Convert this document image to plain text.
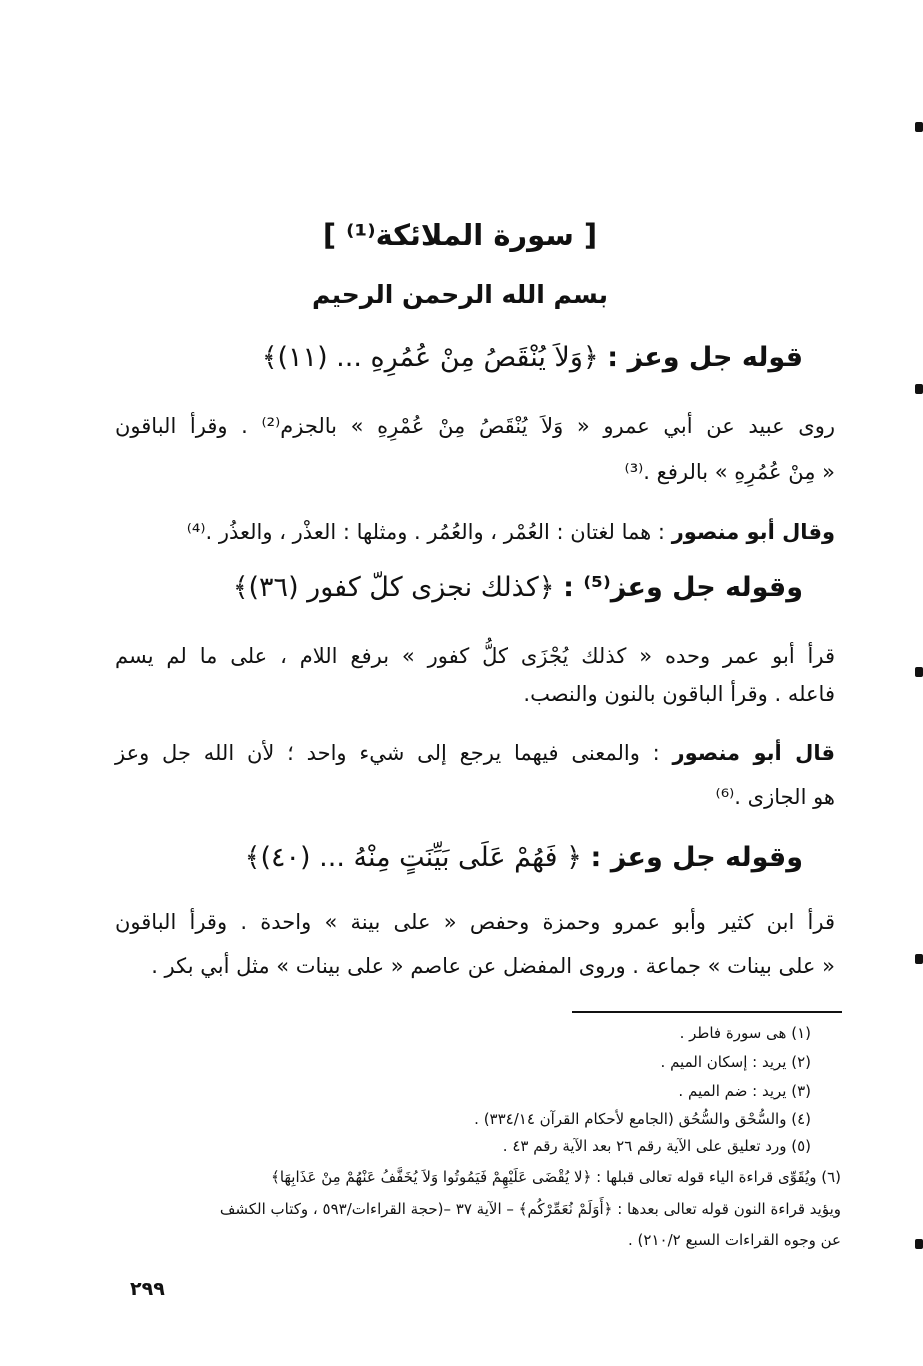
[ سورة الملائكة⁽¹⁾ ]
بسم الله الرحمن الرحيم
قوله جل وعز : ﴿وَلاَ يُنْقَصُ مِنْ عُمُرِهِ ... (١١)﴾
روى عبيد عن أبي عمرو « وَلاَ يُنْقَصُ مِنْ عُمْرِهِ » بالجزم⁽²⁾ . وقرأ الباقون
« مِنْ عُمُرِهِ » بالرفع .⁽³⁾
وقال أبو منصور : هما لغتان : العُمْر ، والعُمُر . ومثلها : العذْر ، والعذُر .⁽⁴⁾
وقوله جل وعز⁽⁵⁾ : ﴿كذلك نجزى كلّ كفور (٣٦)﴾
قرأ أبو عمر وحده « كذلك يُجْزَى كلُّ كفور » برفع اللام ، على ما لم يسم
فاعله . وقرأ الباقون بالنون والنصب.
قال أبو منصور : والمعنى فيهما يرجع إلى شيء واحد ؛ لأن الله جل وعز
هو الجازى .⁽⁶⁾
وقوله جل وعز : ﴿ فَهُمْ عَلَى بَيِّنَتٍ مِنْهُ ... (٤٠)﴾
قرأ ابن كثير وأبو عمرو وحمزة وحفص « على بينة » واحدة . وقرأ الباقون
« على بينات » جماعة . وروى المفضل عن عاصم « على بينات » مثل أبي بكر .
(١) هى سورة فاطر .
(٢) يريد : إسكان الميم .
(٣) يريد : ضم الميم .
(٤) والسُّحْق والسُّحُق (الجامع لأحكام القرآن ٣٣٤/١٤) .
(٥) ورد تعليق على الآية رقم ٢٦ بعد الآية رقم ٤٣ .
(٦) ويُقَوِّى قراءة الياء قوله تعالى قبلها : ﴿لا يُقْضَى عَلَيْهِمْ فَيَمُوتُوا وَلاَ يُخَفَّفُ عَنْهُمْ مِنْ عَذَابِهَا﴾
ويؤيد قراءة النون قوله تعالى بعدها : ﴿أَوَلَمْ نُعَمِّرْكُم﴾ – الآية ٣٧ –(حجة القراءات/٥٩٣ ، وكتاب الكشف
عن وجوه القراءات السبع ٢١٠/٢) .
٢٩٩
